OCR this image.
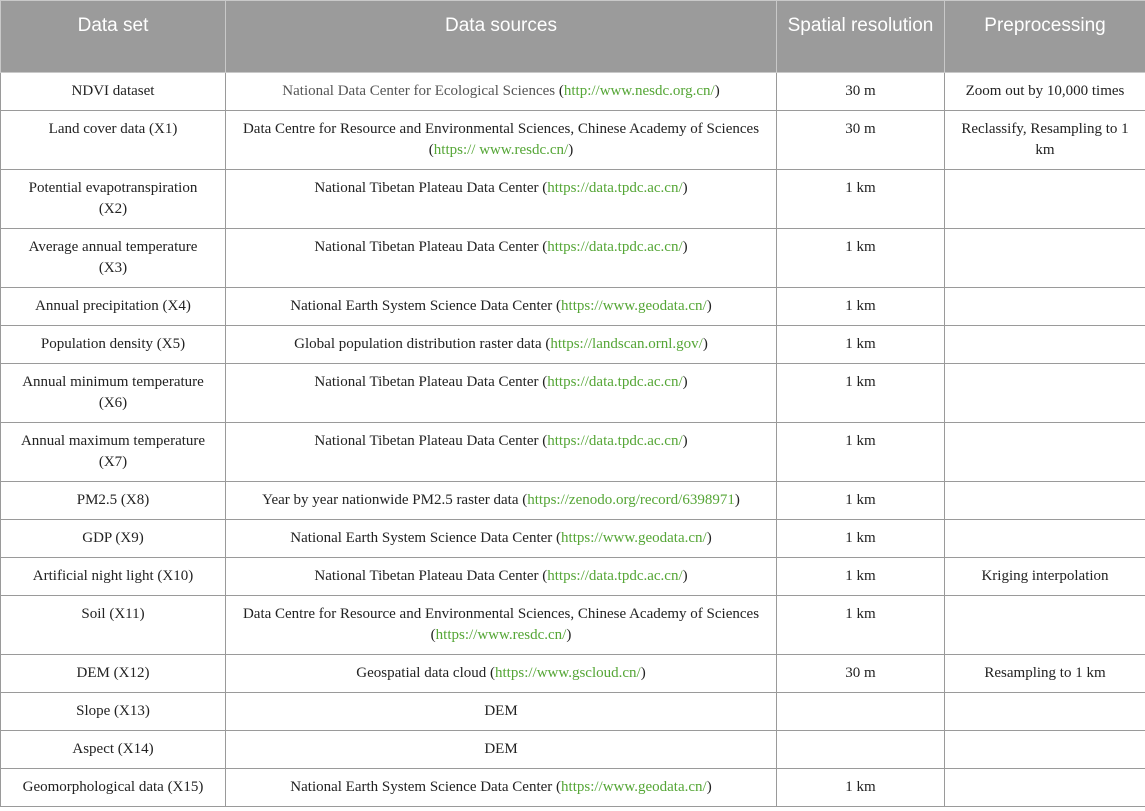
Data set	Data sources	Spatial resolution	Preprocessing
NDVI dataset	National Data Center for Ecological Sciences (http://www.nesdc.org.cn/)	30 m	Zoom out by 10,000 times
Land cover data (X1)	Data Centre for Resource and Environmental Sciences, Chinese Academy of Sciences (https:// www.resdc.cn/)	30 m	Reclassify, Resampling to 1 km
Potential evapotranspiration (X2)	National Tibetan Plateau Data Center (https://data.tpdc.ac.cn/)	1 km	
Average annual temperature (X3)	National Tibetan Plateau Data Center (https://data.tpdc.ac.cn/)	1 km	
Annual precipitation (X4)	National Earth System Science Data Center (https://www.geodata.cn/)	1 km	
Population density (X5)	Global population distribution raster data (https://landscan.ornl.gov/)	1 km	
Annual minimum temperature (X6)	National Tibetan Plateau Data Center (https://data.tpdc.ac.cn/)	1 km	
Annual maximum temperature (X7)	National Tibetan Plateau Data Center (https://data.tpdc.ac.cn/)	1 km	
PM2.5 (X8)	Year by year nationwide PM2.5 raster data (https://zenodo.org/record/6398971)	1 km	
GDP (X9)	National Earth System Science Data Center (https://www.geodata.cn/)	1 km	
Artificial night light (X10)	National Tibetan Plateau Data Center (https://data.tpdc.ac.cn/)	1 km	Kriging interpolation
Soil (X11)	Data Centre for Resource and Environmental Sciences, Chinese Academy of Sciences (https://www.resdc.cn/)	1 km	
DEM (X12)	Geospatial data cloud (https://www.gscloud.cn/)	30 m	Resampling to 1 km
Slope (X13)	DEM		
Aspect (X14)	DEM		
Geomorphological data (X15)	National Earth System Science Data Center (https://www.geodata.cn/)	1 km	
